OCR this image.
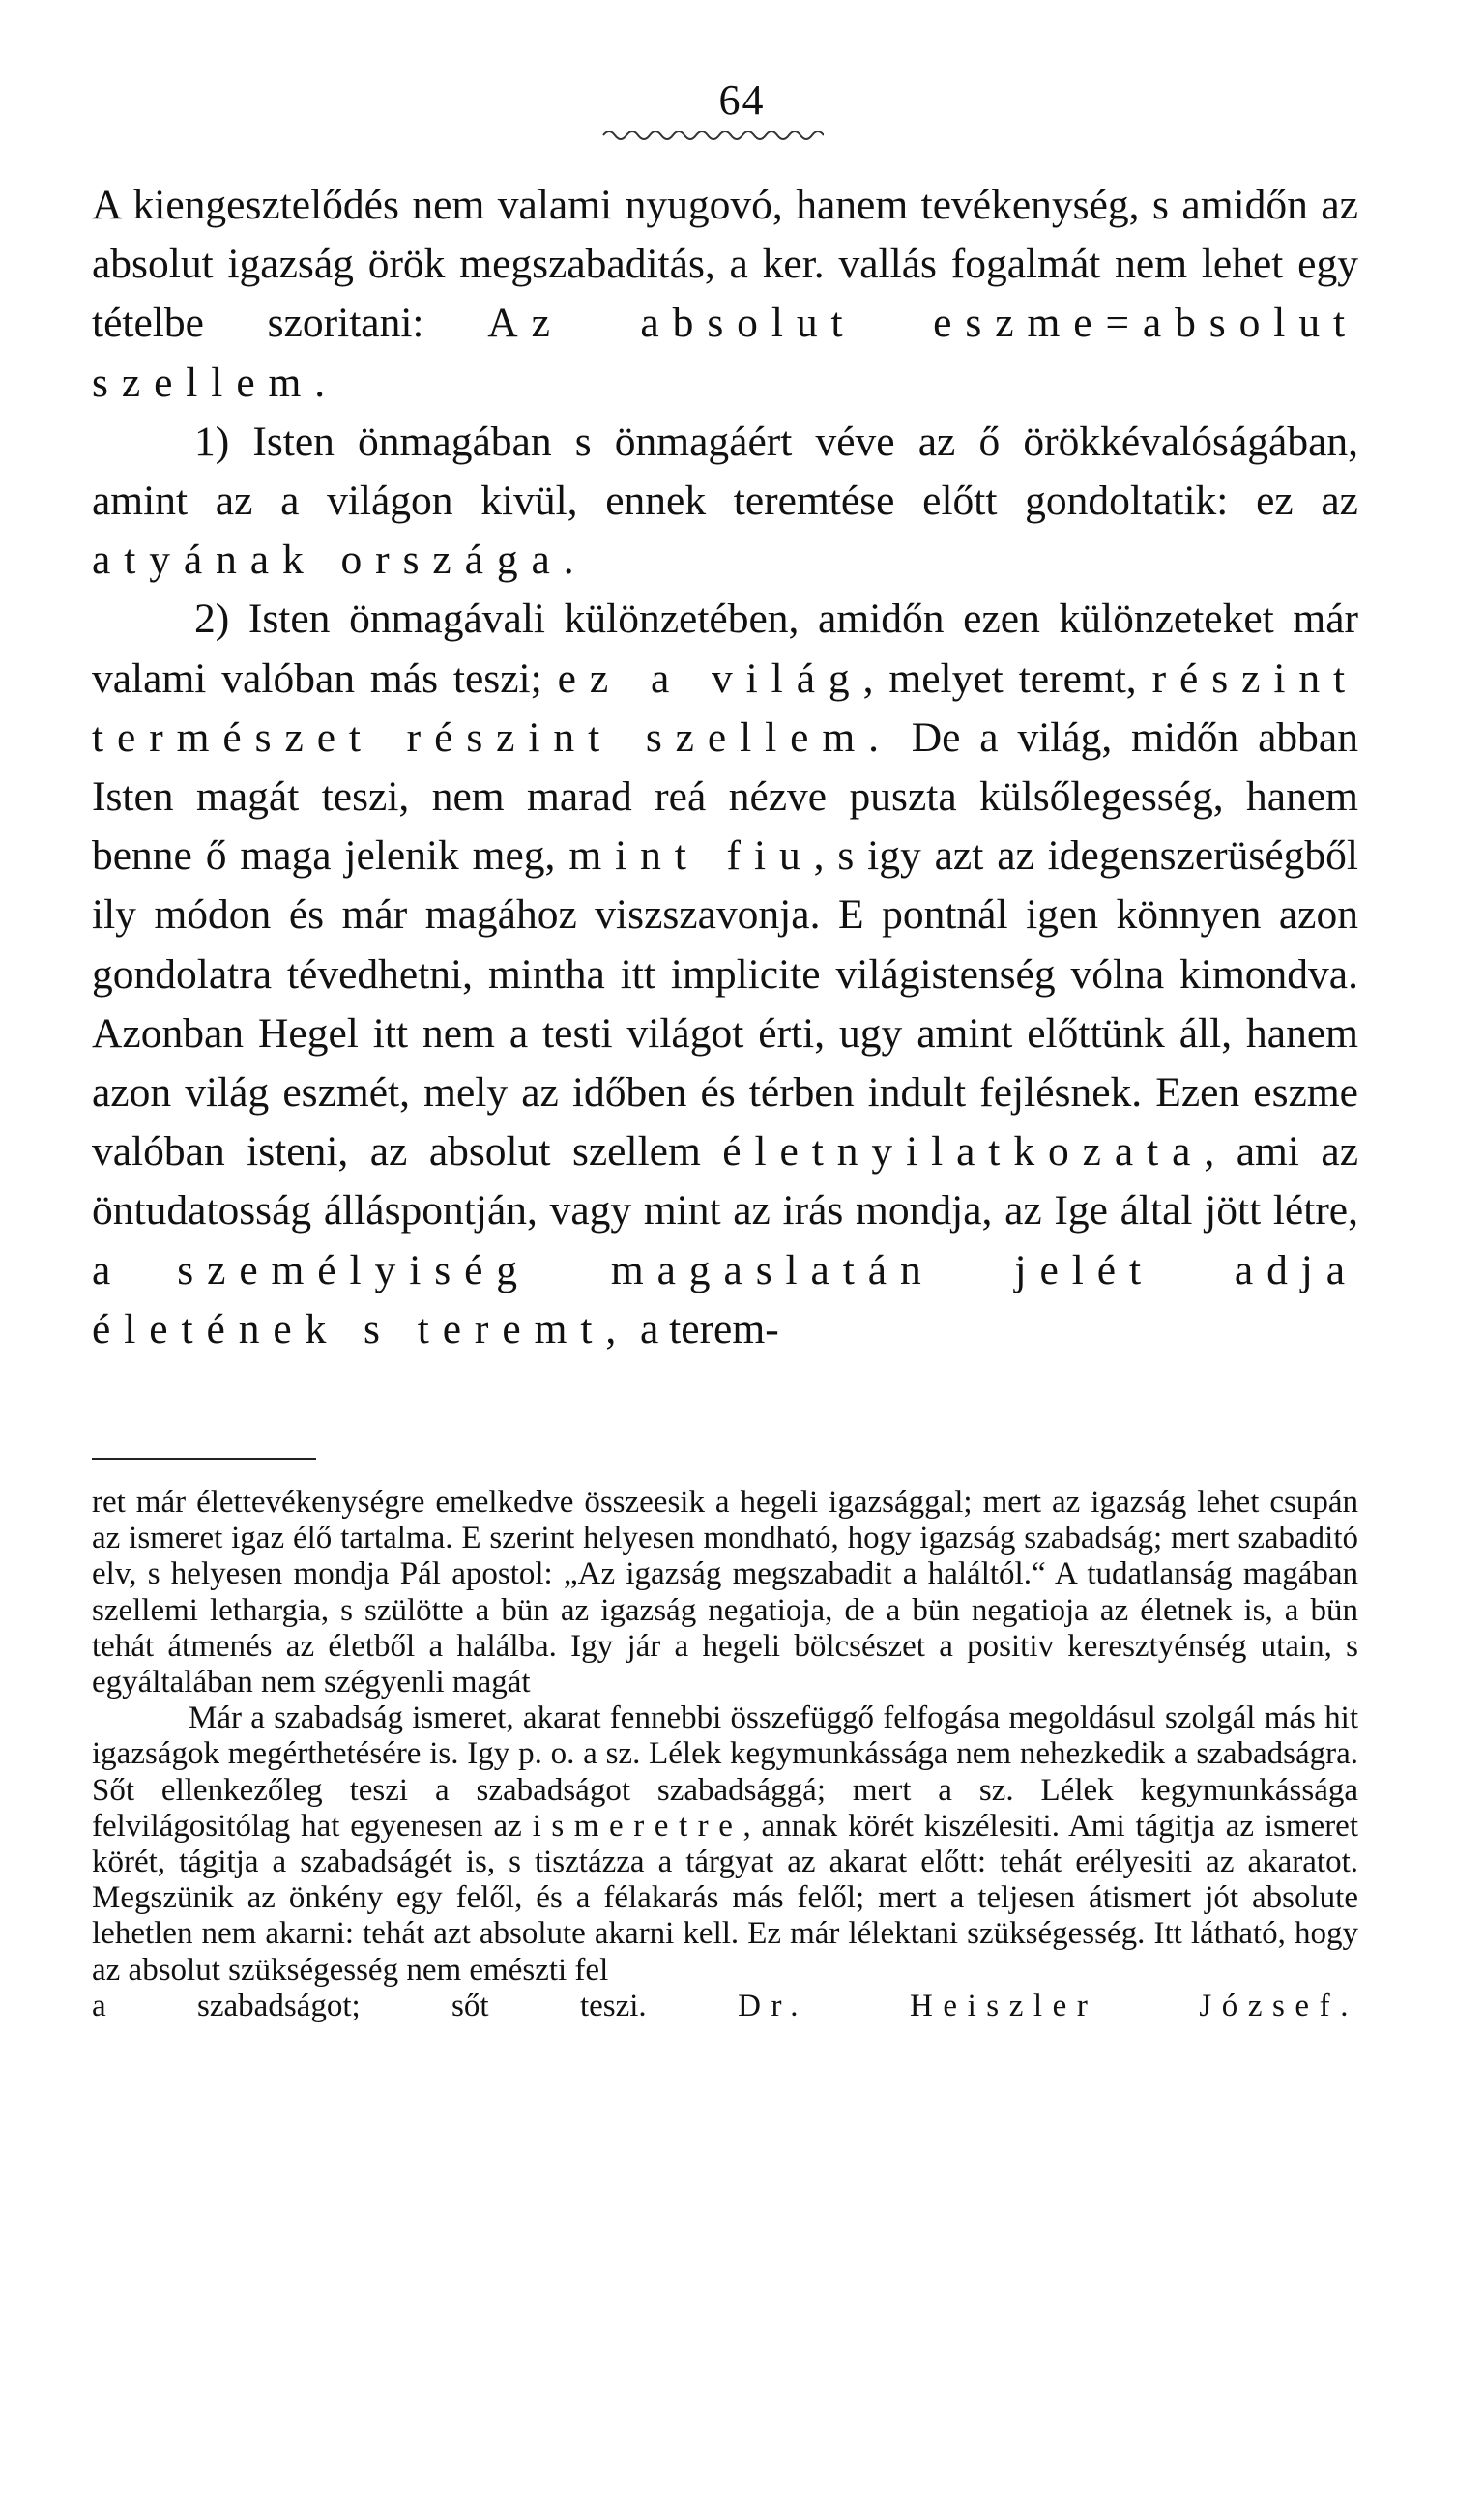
64

A kiengesztelődés nem valami nyugovó, hanem tevékenység, s amidőn az absolut igazság örök megszabaditás, a ker. vallás fogalmát nem lehet egy tételbe szoritani: Az absolut eszme=absolut szellem.

1) Isten önmagában s önmagáért véve az ő örökkévalóságában, amint az a világon kivül, ennek teremtése előtt gondoltatik: ez az atyának országa.

2) Isten önmagávali különzetében, amidőn ezen különzeteket már valami valóban más teszi; ez a világ, melyet teremt, részint természet részint szellem. De a világ, midőn abban Isten magát teszi, nem marad reá nézve puszta külsőlegesség, hanem benne ő maga jelenik meg, mint fiu, s igy azt az idegenszerüségből ily módon és már magához viszszavonja. E pontnál igen könnyen azon gondolatra tévedhetni, mintha itt implicite világistenség vólna kimondva. Azonban Hegel itt nem a testi világot érti, ugy amint előttünk áll, hanem azon világ eszmét, mely az időben és térben indult fejlésnek. Ezen eszme valóban isteni, az absolut szellem életnyilatkozata, ami az öntudatosság álláspontján, vagy mint az irás mondja, az Ige által jött létre, a személyiség magaslatán jelét adja életének s teremt, a terem-

ret már élettevékenységre emelkedve összeesik a hegeli igazsággal; mert az igazság lehet csupán az ismeret igaz élő tartalma. E szerint helyesen mondható, hogy igazság szabadság; mert szabaditó elv, s helyesen mondja Pál apostol: „Az igazság megszabadit a haláltól.“ A tudatlanság magában szellemi lethargia, s szülötte a bün az igazság negatioja, de a bün negatioja az életnek is, a bün tehát átmenés az életből a halálba. Igy jár a hegeli bölcsészet a positiv keresztyénség utain, s egyáltalában nem szégyenli magát

Már a szabadság ismeret, akarat fennebbi összefüggő felfogása megoldásul szolgál más hit igazságok megérthetésére is. Igy p. o. a sz. Lélek kegymunkássága nem nehezkedik a szabadságra. Sőt ellenkezőleg teszi a szabadságot szabadsággá; mert a sz. Lélek kegymunkássága felvilágositólag hat egyenesen az ismeretre, annak körét kiszélesiti. Ami tágitja az ismeret körét, tágitja a szabadságét is, s tisztázza a tárgyat az akarat előtt: tehát erélyesiti az akaratot. Megszünik az önkény egy felől, és a félakarás más felől; mert a teljesen átismert jót absolute lehetlen nem akarni: tehát azt absolute akarni kell. Ez már lélektani szükségesség. Itt látható, hogy az absolut szükségesség nem emészti fel

a szabadságot; sőt teszi.	Dr. Heiszler József.
